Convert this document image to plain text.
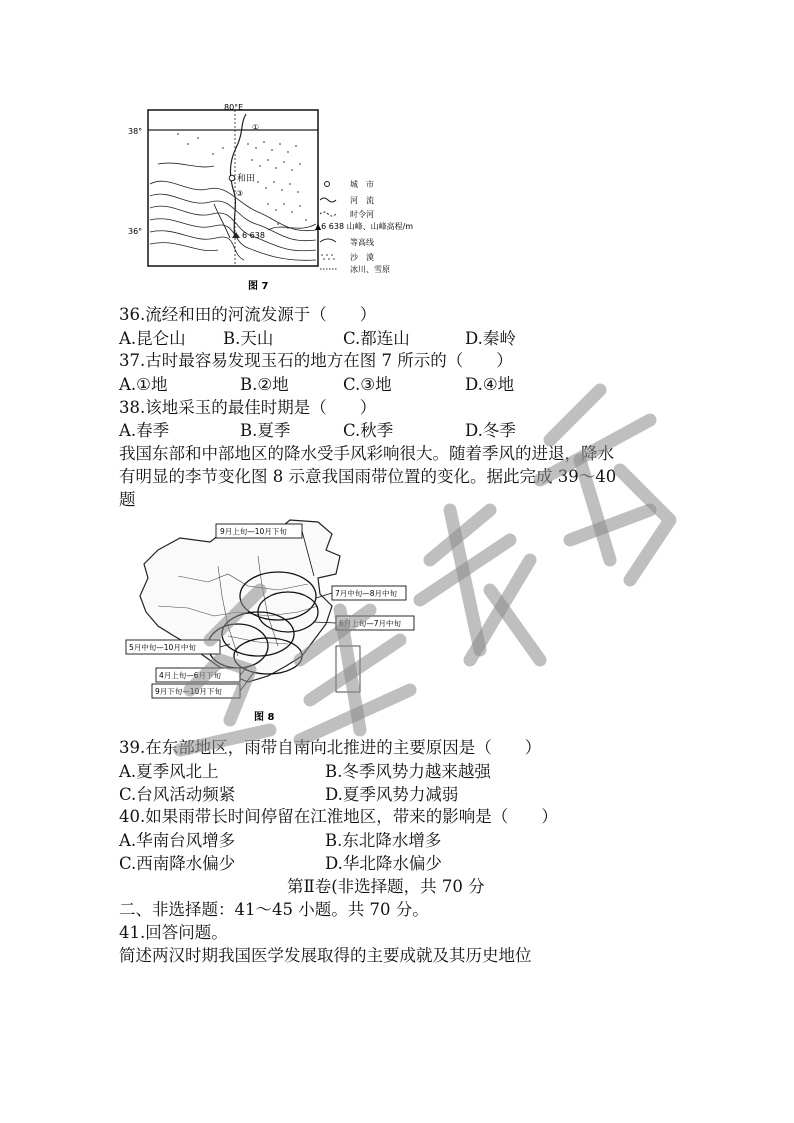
和田
6 638
①
③
80°E
38°
36°
城　市
河　流
时令河
▲6 638 山峰、山峰高程/m
等高线
沙　漠
冰川、雪原
图 7
36.流经和田的河流发源于（　　）
A.昆仑山 B.天山	C.都连山	D.秦岭
37.古时最容易发现玉石的地方在图 7 所示的（　　）
A.①地	B.②地	C.③地	D.④地
38.该地采玉的最佳时期是（　　）
A.春季	B.夏季	C.秋季	D.冬季
我国东部和中部地区的降水受手风彩响很大。随着季风的进退，降水
有明显的李节变化图 8 示意我国雨带位置的变化。据此完成 39～40
题
9月上旬—10月下旬
7月中旬—8月中旬
6月上旬—7月中旬
5月中旬—10月中旬
4月上旬—6月下旬
9月下旬—10月下旬
图 8
39.在东部地区，雨带自南向北推进的主要原因是（　　）
A.夏季风北上	B.冬季风势力越来越强
C.台风活动频紧	D.夏季风势力减弱
40.如果雨带长时间停留在江淮地区，带来的影响是（　　）
A.华南台风增多	B.东北降水增多
C.西南降水偏少	D.华北降水偏少
第Ⅱ卷(非选择题，共 70 分
二、非选择题：41～45 小题。共 70 分。
41.回答问题。
简述两汉时期我国医学发展取得的主要成就及其历史地位
